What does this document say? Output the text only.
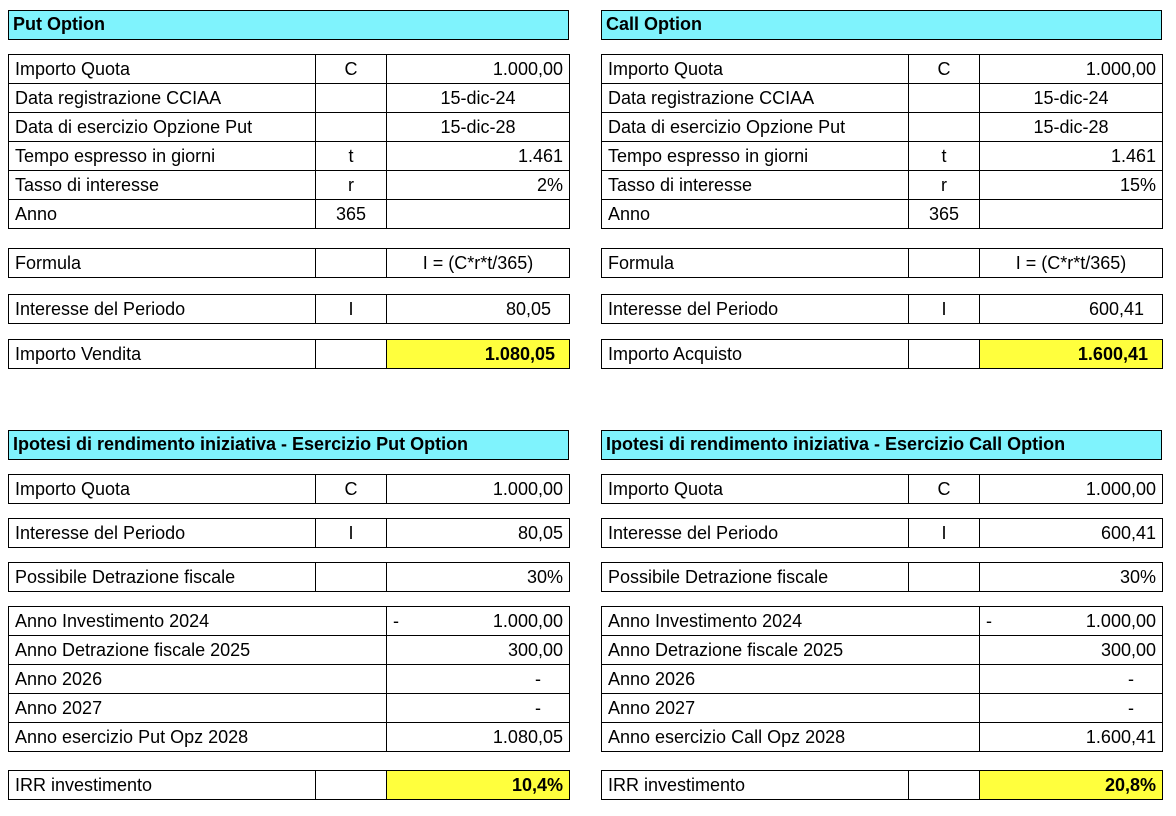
Put Option
Importo Quota	C	1.000,00
Data registrazione CCIAA		15-dic-24
Data di esercizio Opzione Put		15-dic-28
Tempo espresso in giorni	t	1.461
Tasso di interesse	r	2%
Anno	365	
Formula		I = (C*r*t/365)
Interesse del Periodo	I	80,05
Importo Vendita		1.080,05
Call Option
Importo Quota	C	1.000,00
Data registrazione CCIAA		15-dic-24
Data di esercizio Opzione Put		15-dic-28
Tempo espresso in giorni	t	1.461
Tasso di interesse	r	15%
Anno	365	
Formula		I = (C*r*t/365)
Interesse del Periodo	I	600,41
Importo Acquisto		1.600,41
Ipotesi di rendimento iniziativa - Esercizio Put Option
Importo Quota	C	1.000,00
Interesse del Periodo	I	80,05
Possibile Detrazione fiscale		30%
Anno Investimento 2024	- 1.000,00
Anno Detrazione fiscale 2025	300,00
Anno 2026	-
Anno 2027	-
Anno esercizio Put Opz 2028	1.080,05
IRR investimento		10,4%
Ipotesi di rendimento iniziativa - Esercizio Call Option
Importo Quota	C	1.000,00
Interesse del Periodo	I	600,41
Possibile Detrazione fiscale		30%
Anno Investimento 2024	- 1.000,00
Anno Detrazione fiscale 2025	300,00
Anno 2026	-
Anno 2027	-
Anno esercizio Call Opz 2028	1.600,41
IRR investimento		20,8%
